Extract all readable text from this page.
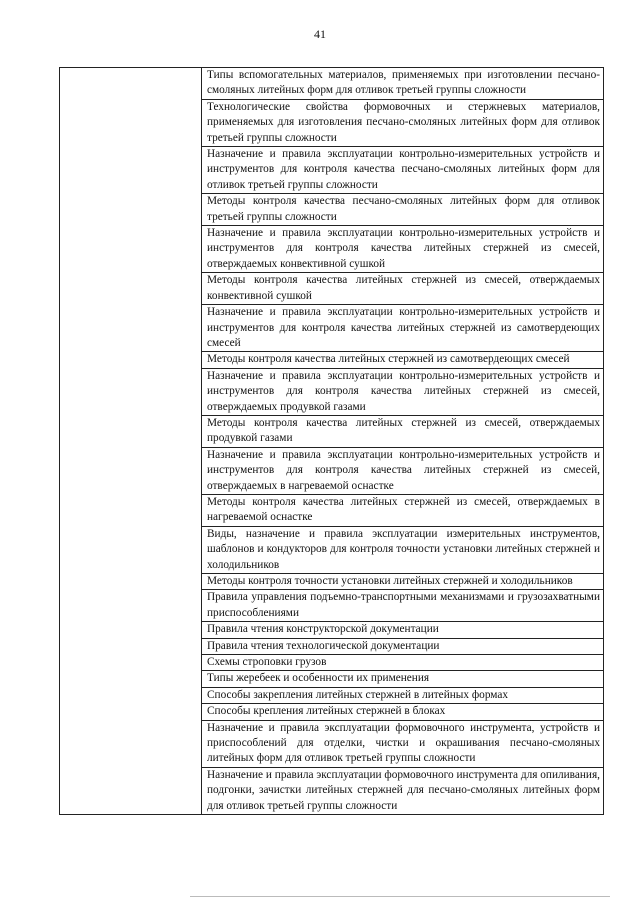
41

Типы вспомогательных материалов, применяемых при изготовлении песчано-смоляных литейных форм для отливок третьей группы сложности

Технологические свойства формовочных и стержневых материалов, применяемых для изготовления песчано-смоляных литейных форм для отливок третьей группы сложности

Назначение и правила эксплуатации контрольно-измерительных устройств и инструментов для контроля качества песчано-смоляных литейных форм для отливок третьей группы сложности

Методы контроля качества песчано-смоляных литейных форм для отливок третьей группы сложности

Назначение и правила эксплуатации контрольно-измерительных устройств и инструментов для контроля качества литейных стержней из смесей, отверждаемых конвективной сушкой

Методы контроля качества литейных стержней из смесей, отверждаемых конвективной сушкой

Назначение и правила эксплуатации контрольно-измерительных устройств и инструментов для контроля качества литейных стержней из самотвердеющих смесей

Методы контроля качества литейных стержней из самотвердеющих смесей

Назначение и правила эксплуатации контрольно-измерительных устройств и инструментов для контроля качества литейных стержней из смесей, отверждаемых продувкой газами

Методы контроля качества литейных стержней из смесей, отверждаемых продувкой газами

Назначение и правила эксплуатации контрольно-измерительных устройств и инструментов для контроля качества литейных стержней из смесей, отверждаемых в нагреваемой оснастке

Методы контроля качества литейных стержней из смесей, отверждаемых в нагреваемой оснастке

Виды, назначение и правила эксплуатации измерительных инструментов, шаблонов и кондукторов для контроля точности установки литейных стержней и холодильников

Методы контроля точности установки литейных стержней и холодильников

Правила управления подъемно-транспортными механизмами и грузозахватными приспособлениями

Правила чтения конструкторской документации

Правила чтения технологической документации

Схемы строповки грузов

Типы жеребеек и особенности их применения

Способы закрепления литейных стержней в литейных формах

Способы крепления литейных стержней в блоках

Назначение и правила эксплуатации формовочного инструмента, устройств и приспособлений для отделки, чистки и окрашивания песчано-смоляных литейных форм для отливок третьей группы сложности

Назначение и правила эксплуатации формовочного инструмента для опиливания, подгонки, зачистки литейных стержней для песчано-смоляных литейных форм для отливок третьей группы сложности
